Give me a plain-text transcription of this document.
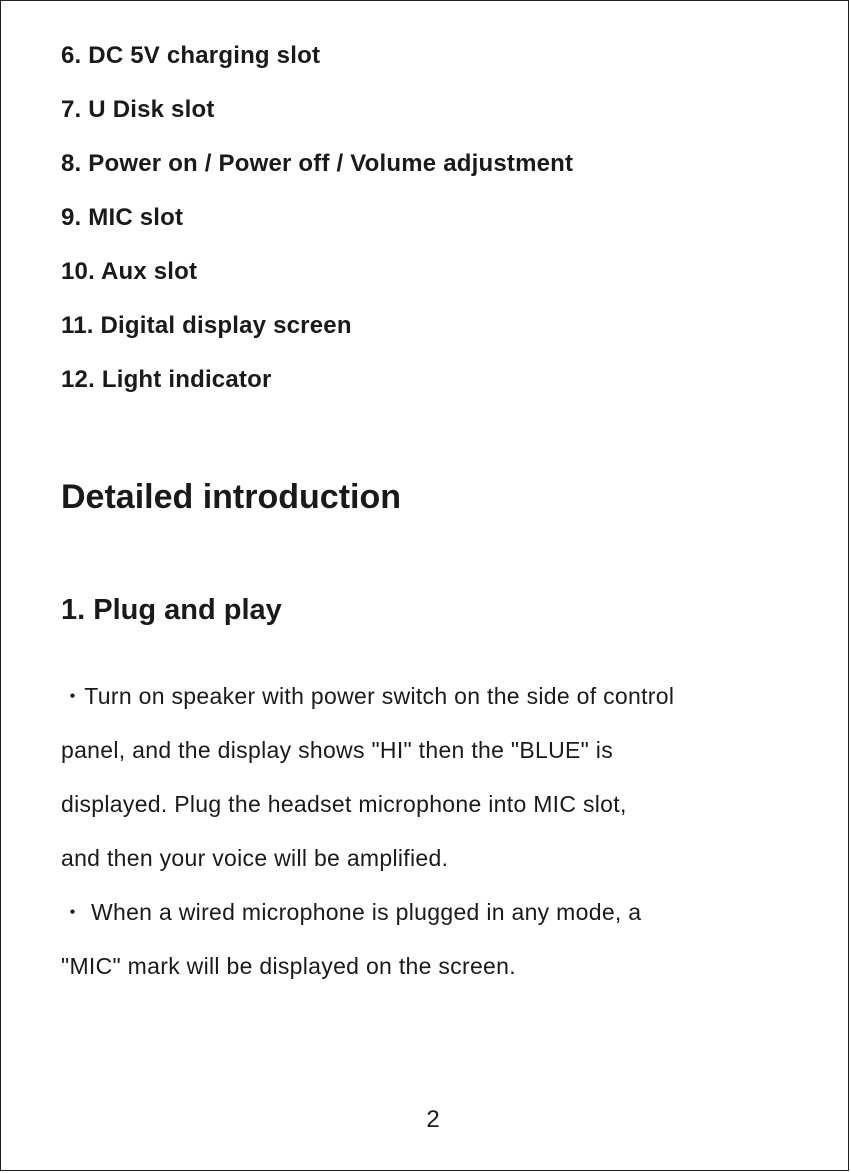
6. DC 5V charging slot
7. U Disk slot
8. Power on / Power off / Volume adjustment
9. MIC slot
10. Aux slot
11. Digital display screen
12. Light indicator
Detailed introduction
1. Plug and play
・Turn on speaker with power switch on the side of control
panel, and the display shows "HI" then the "BLUE" is
displayed. Plug the headset microphone into MIC slot,
and then your voice will be amplified.
・ When a wired microphone is plugged in any mode, a
"MIC" mark will be displayed on the screen.
2
